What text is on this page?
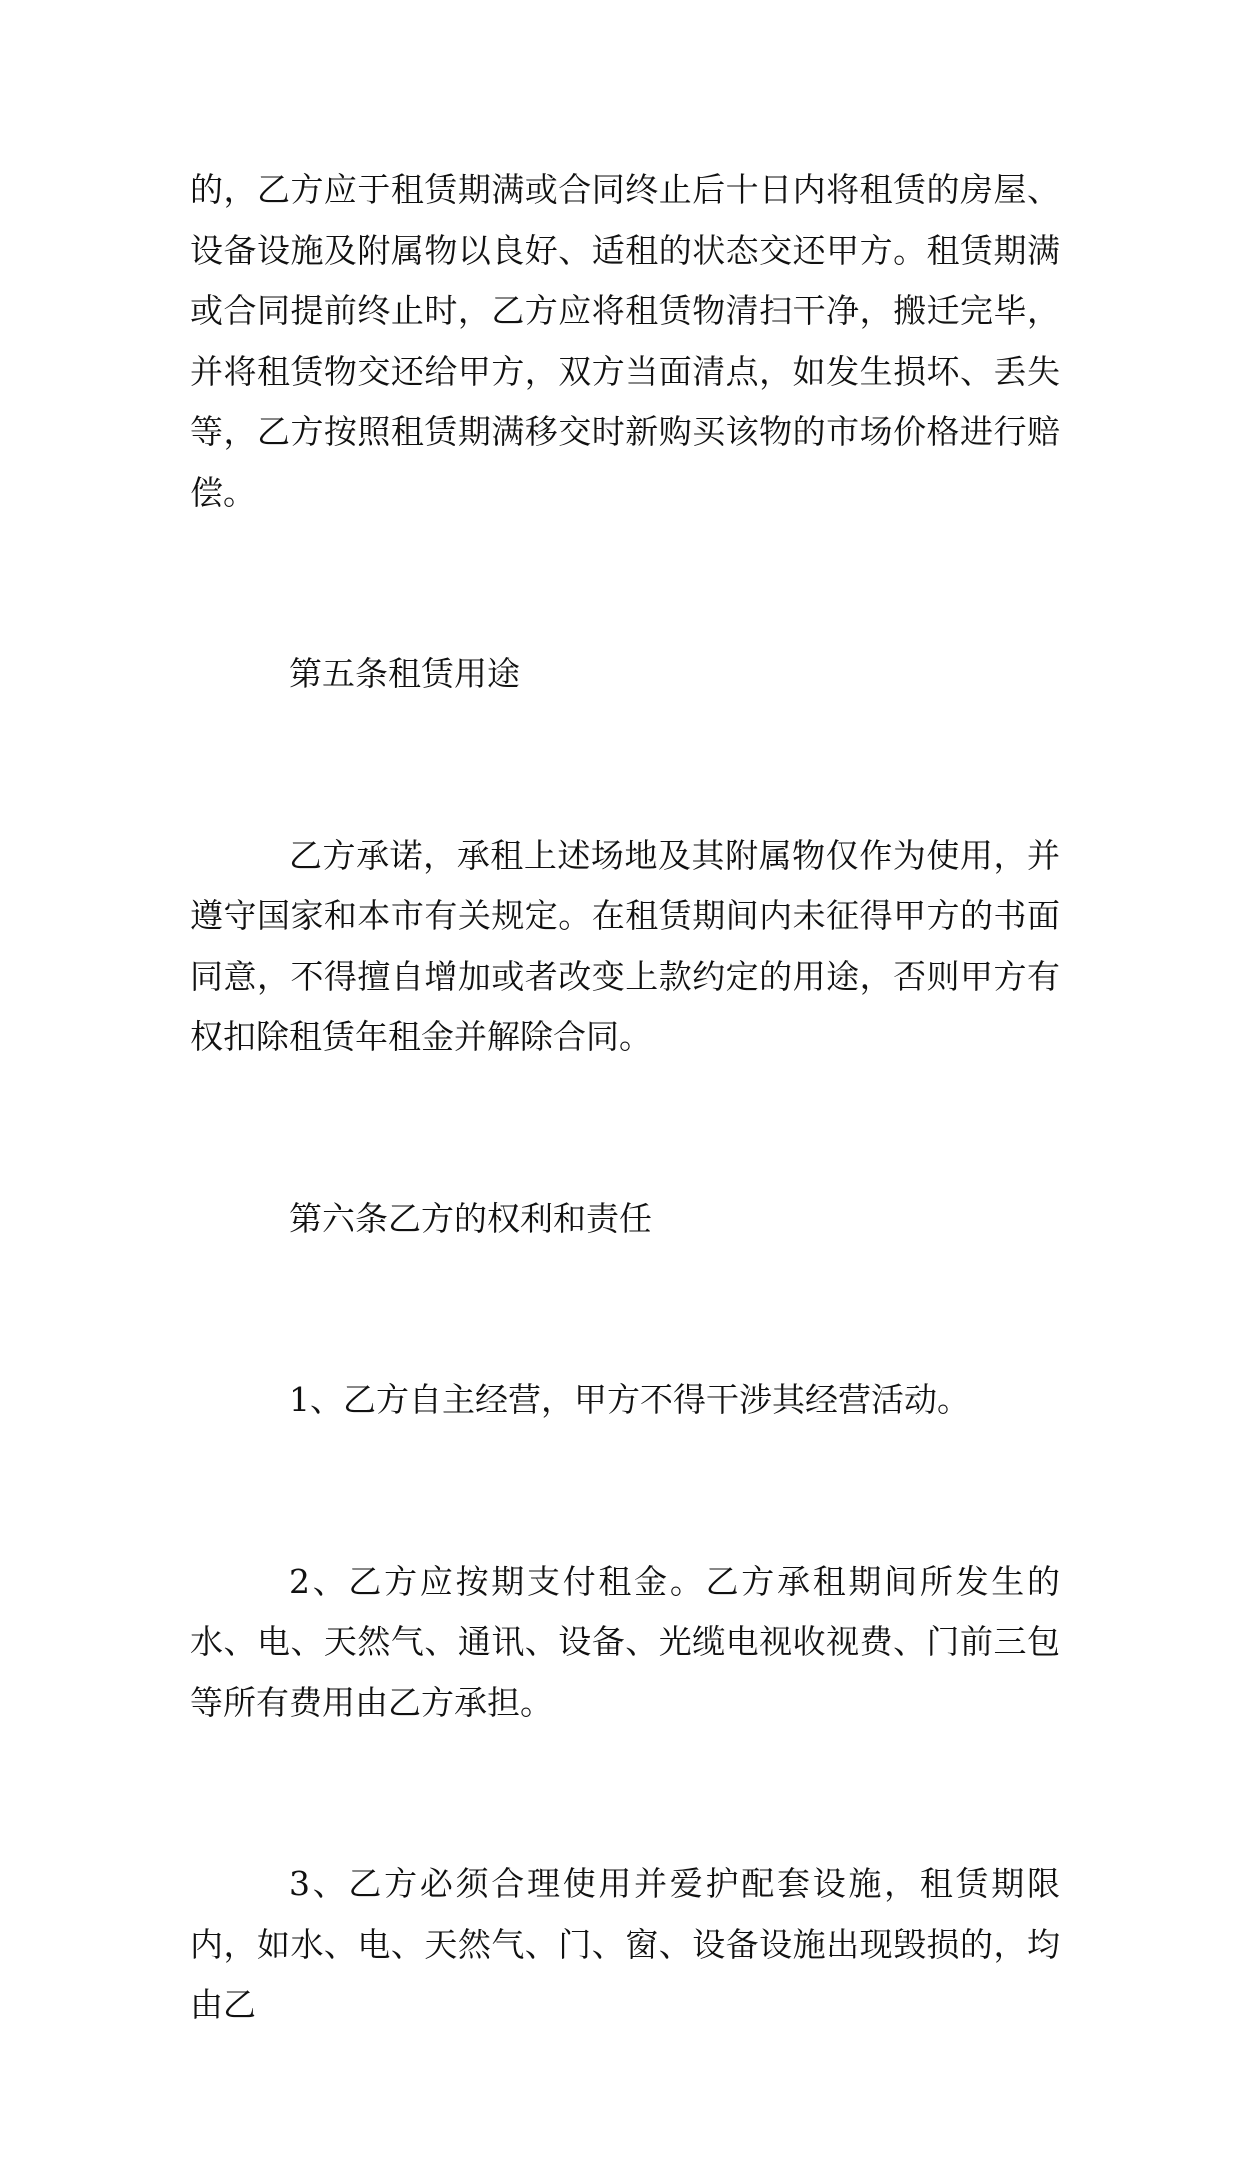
的，乙方应于租赁期满或合同终止后十日内将租赁的房屋、设备设施及附属物以良好、适租的状态交还甲方。租赁期满或合同提前终止时，乙方应将租赁物清扫干净，搬迁完毕，并将租赁物交还给甲方，双方当面清点，如发生损坏、丢失等，乙方按照租赁期满移交时新购买该物的市场价格进行赔偿。

第五条租赁用途

乙方承诺，承租上述场地及其附属物仅作为使用，并遵守国家和本市有关规定。在租赁期间内未征得甲方的书面同意，不得擅自增加或者改变上款约定的用途，否则甲方有权扣除租赁年租金并解除合同。

第六条乙方的权利和责任

1、乙方自主经营，甲方不得干涉其经营活动。

2、乙方应按期支付租金。乙方承租期间所发生的水、电、天然气、通讯、设备、光缆电视收视费、门前三包等所有费用由乙方承担。

3、乙方必须合理使用并爱护配套设施，租赁期限内，如水、电、天然气、门、窗、设备设施出现毁损的，均由乙
